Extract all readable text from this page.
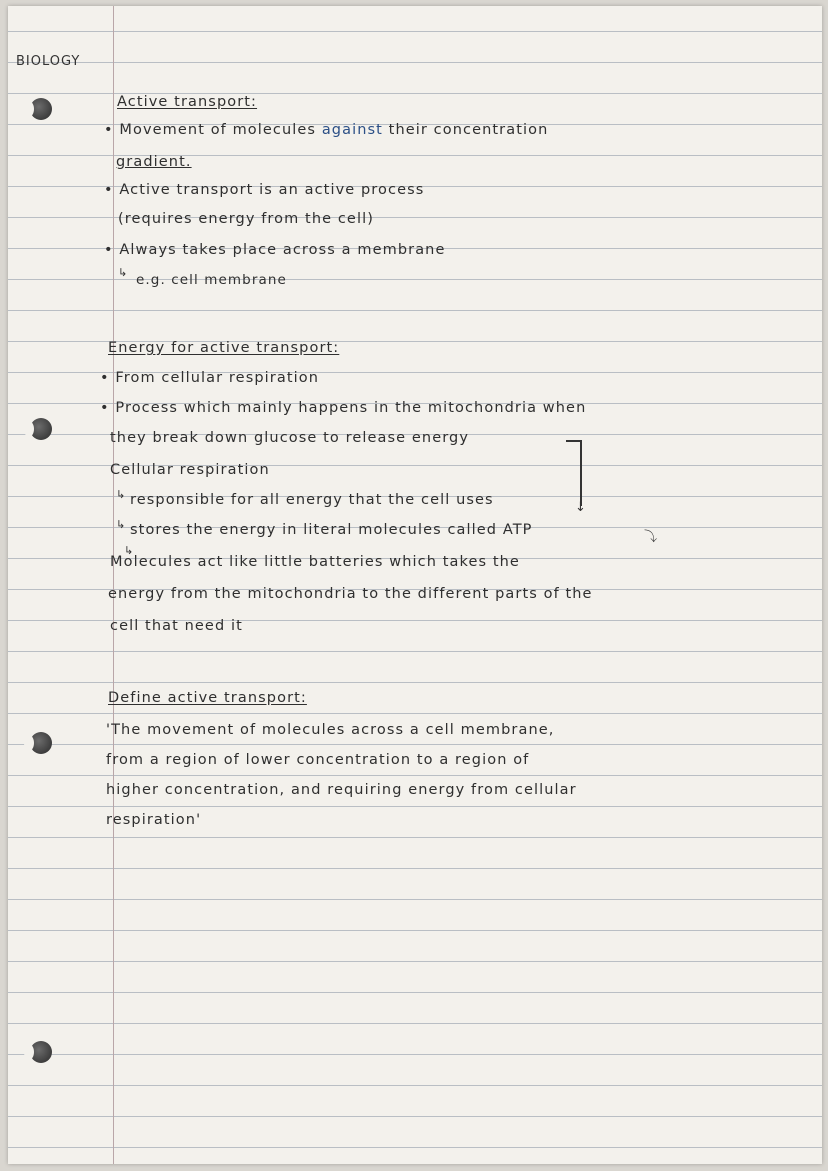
BIOLOGY
Active transport:
• Movement of molecules against their concentration
gradient.
• Active transport is an active process
(requires energy from the cell)
• Always takes place across a membrane
↳ e.g. cell membrane
Energy for active transport:
• From cellular respiration
• Process which mainly happens in the mitochondria when
they break down glucose to release energy
↓
Cellular respiration
↳ responsible for all energy that the cell uses
↳ stores the energy in literal molecules called ATP	⤵
↳
Molecules act like little batteries which takes the
energy from the mitochondria to the different parts of the
cell that need it
Define active transport:
'The movement of molecules across a cell membrane,
from a region of lower concentration to a region of
higher concentration, and requiring energy from cellular
respiration'
